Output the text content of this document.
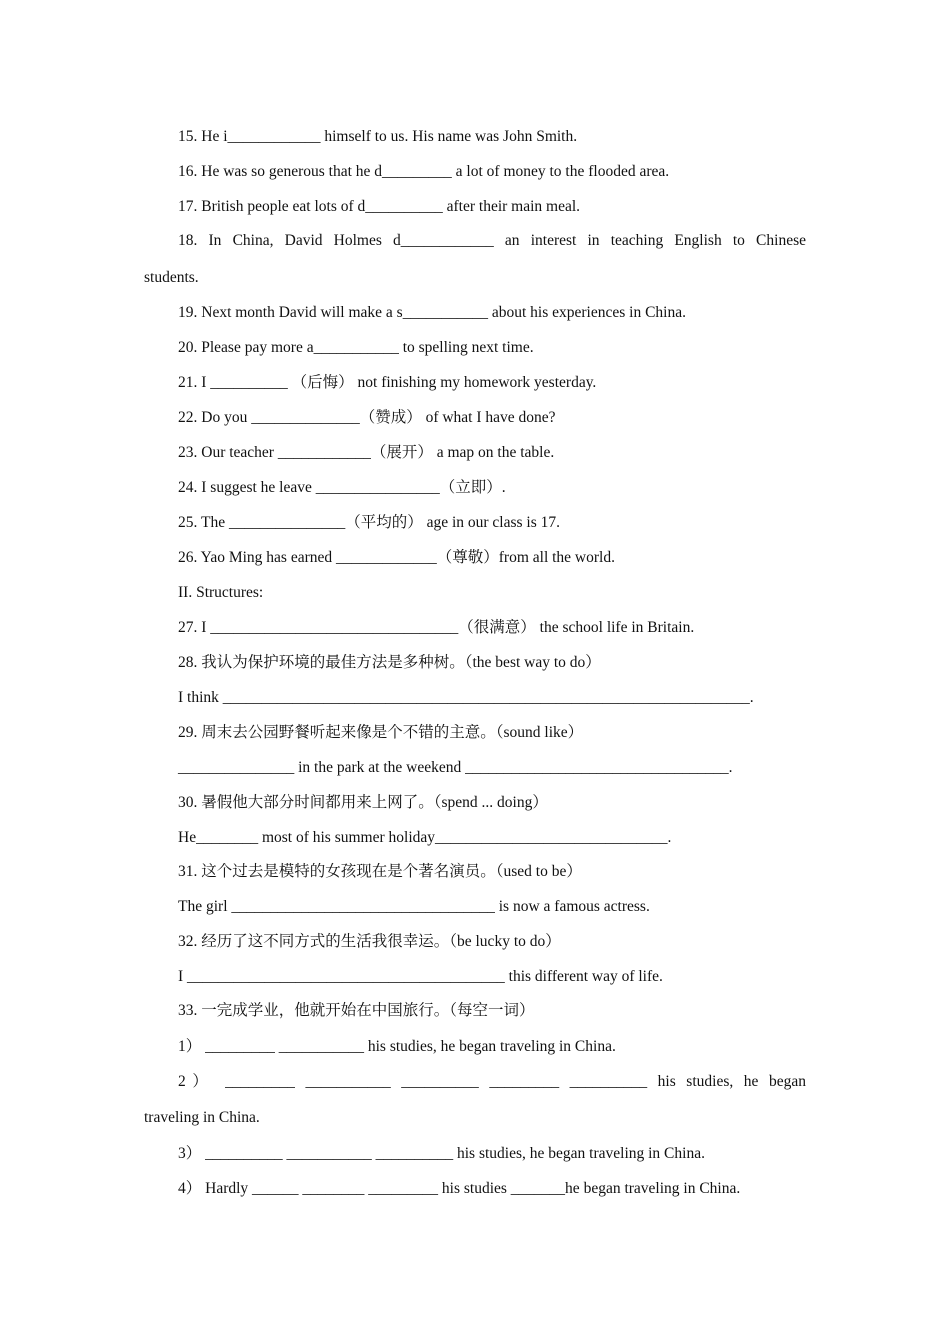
15. He i____________ himself to us. His name was John Smith.
16. He was so generous that he d_________ a lot of money to the flooded area.
17. British people eat lots of d__________ after their main meal.
18. In China, David Holmes d____________ an interest in teaching English to Chinese
students.
19. Next month David will make a s___________ about his experiences in China.
20. Please pay more a___________ to spelling next time.
21. I __________ （后悔） not finishing my homework yesterday.
22. Do you ______________（赞成） of what I have done?
23. Our teacher ____________（展开） a map on the table.
24. I suggest he leave ________________（立即）.
25. The _______________（平均的） age in our class is 17.
26. Yao Ming has earned _____________（尊敬）from all the world.
II. Structures:
27. I ________________________________（很满意） the school life in Britain.
28. 我认为保护环境的最佳方法是多种树。（the best way to do）
I think ____________________________________________________________________.
29. 周末去公园野餐听起来像是个不错的主意。（sound like）
_______________ in the park at the weekend __________________________________.
30. 暑假他大部分时间都用来上网了。（spend ... doing）
He________ most of his summer holiday______________________________.
31. 这个过去是模特的女孩现在是个著名演员。（used to be）
The girl __________________________________ is now a famous actress.
32. 经历了这不同方式的生活我很幸运。（be lucky to do）
I _________________________________________ this different way of life.
33. 一完成学业，他就开始在中国旅行。（每空一词）
1） _________ ___________ his studies, he began traveling in China.
2） _________ ___________ __________ _________ __________ his studies, he began
traveling in China.
3） __________ ___________ __________ his studies, he began traveling in China.
4） Hardly ______ ________ _________ his studies _______he began traveling in China.
